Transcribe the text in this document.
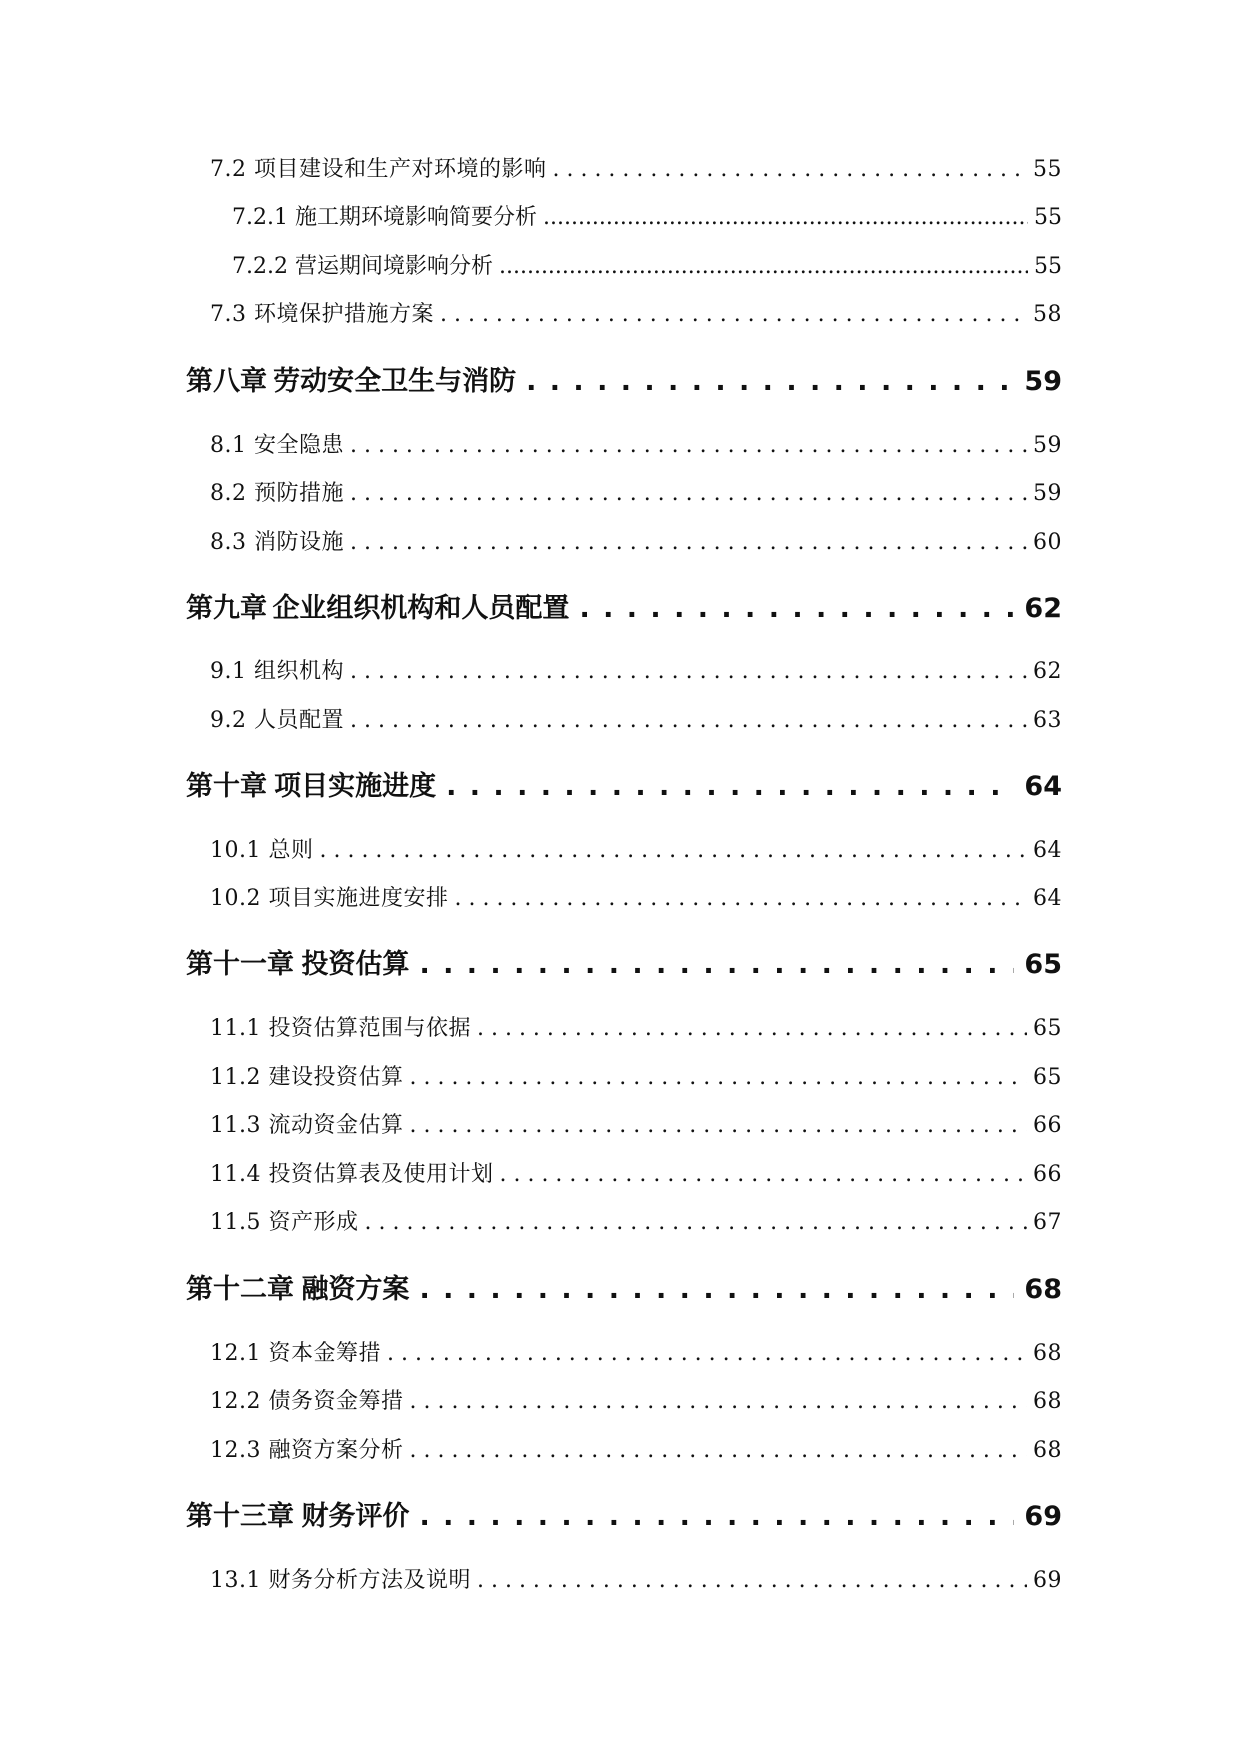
7.2 项目建设和生产对环境的影响 . . .	55
7.2.1 施工期环境影响简要分析 .....	55
7.2.2 营运期间境影响分析 .....	55
7.3 环境保护措施方案 . . .	58
第八章 劳动安全卫生与消防 . . .	59
8.1 安全隐患 . . .	59
8.2 预防措施 . . .	59
8.3 消防设施 . . .	60
第九章 企业组织机构和人员配置 . . .	62
9.1 组织机构 . . .	62
9.2 人员配置 . . .	63
第十章 项目实施进度 . . .	64
10.1 总则 . . .	64
10.2 项目实施进度安排 . . .	64
第十一章 投资估算 . . .	65
11.1 投资估算范围与依据 . . .	65
11.2 建设投资估算 . . .	65
11.3 流动资金估算 . . .	66
11.4 投资估算表及使用计划 . . .	66
11.5 资产形成 . . .	67
第十二章 融资方案 . . .	68
12.1 资本金筹措 . . .	68
12.2 债务资金筹措 . . .	68
12.3 融资方案分析 . . .	68
第十三章 财务评价 . . .	69
13.1 财务分析方法及说明 . . .	69
